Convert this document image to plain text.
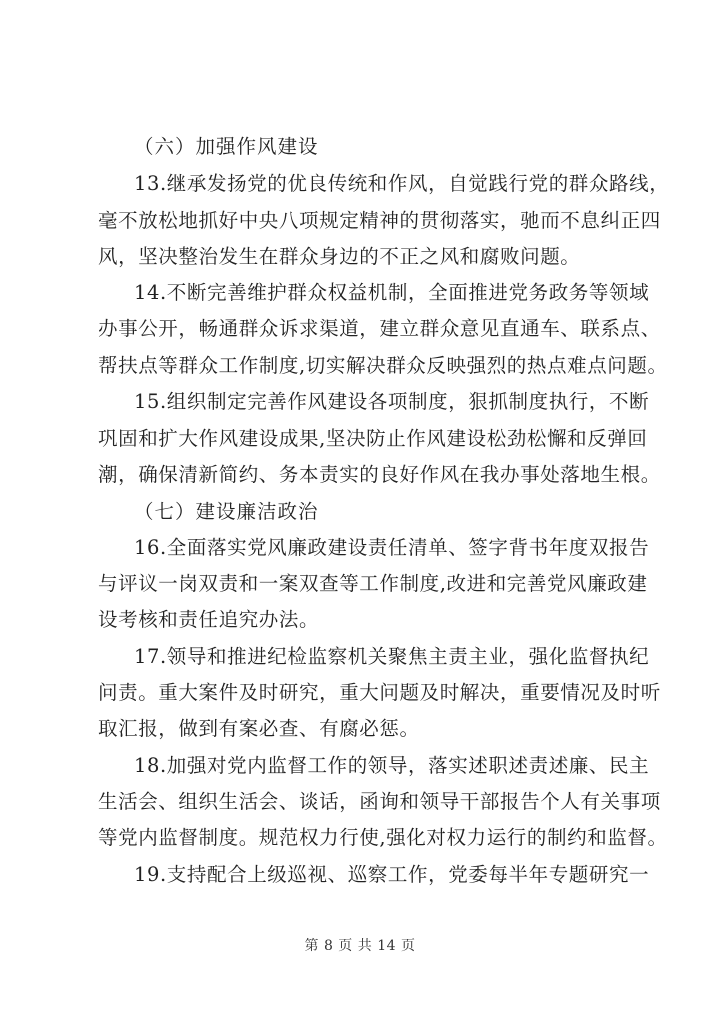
（六）加强作风建设
13.继承发扬党的优良传统和作风，自觉践行党的群众路线，
毫不放松地抓好中央八项规定精神的贯彻落实，驰而不息纠正四
风，坚决整治发生在群众身边的不正之风和腐败问题。
14.不断完善维护群众权益机制，全面推进党务政务等领域
办事公开，畅通群众诉求渠道，建立群众意见直通车、联系点、
帮扶点等群众工作制度,切实解决群众反映强烈的热点难点问题。
15.组织制定完善作风建设各项制度，狠抓制度执行，不断
巩固和扩大作风建设成果,坚决防止作风建设松劲松懈和反弹回
潮，确保清新简约、务本责实的良好作风在我办事处落地生根。
（七）建设廉洁政治
16.全面落实党风廉政建设责任清单、签字背书年度双报告
与评议一岗双责和一案双查等工作制度,改进和完善党风廉政建
设考核和责任追究办法。
17.领导和推进纪检监察机关聚焦主责主业，强化监督执纪
问责。重大案件及时研究，重大问题及时解决，重要情况及时听
取汇报，做到有案必查、有腐必惩。
18.加强对党内监督工作的领导，落实述职述责述廉、民主
生活会、组织生活会、谈话，函询和领导干部报告个人有关事项
等党内监督制度。规范权力行使,强化对权力运行的制约和监督。
19.支持配合上级巡视、巡察工作，党委每半年专题研究一
第 8 页 共 14 页
